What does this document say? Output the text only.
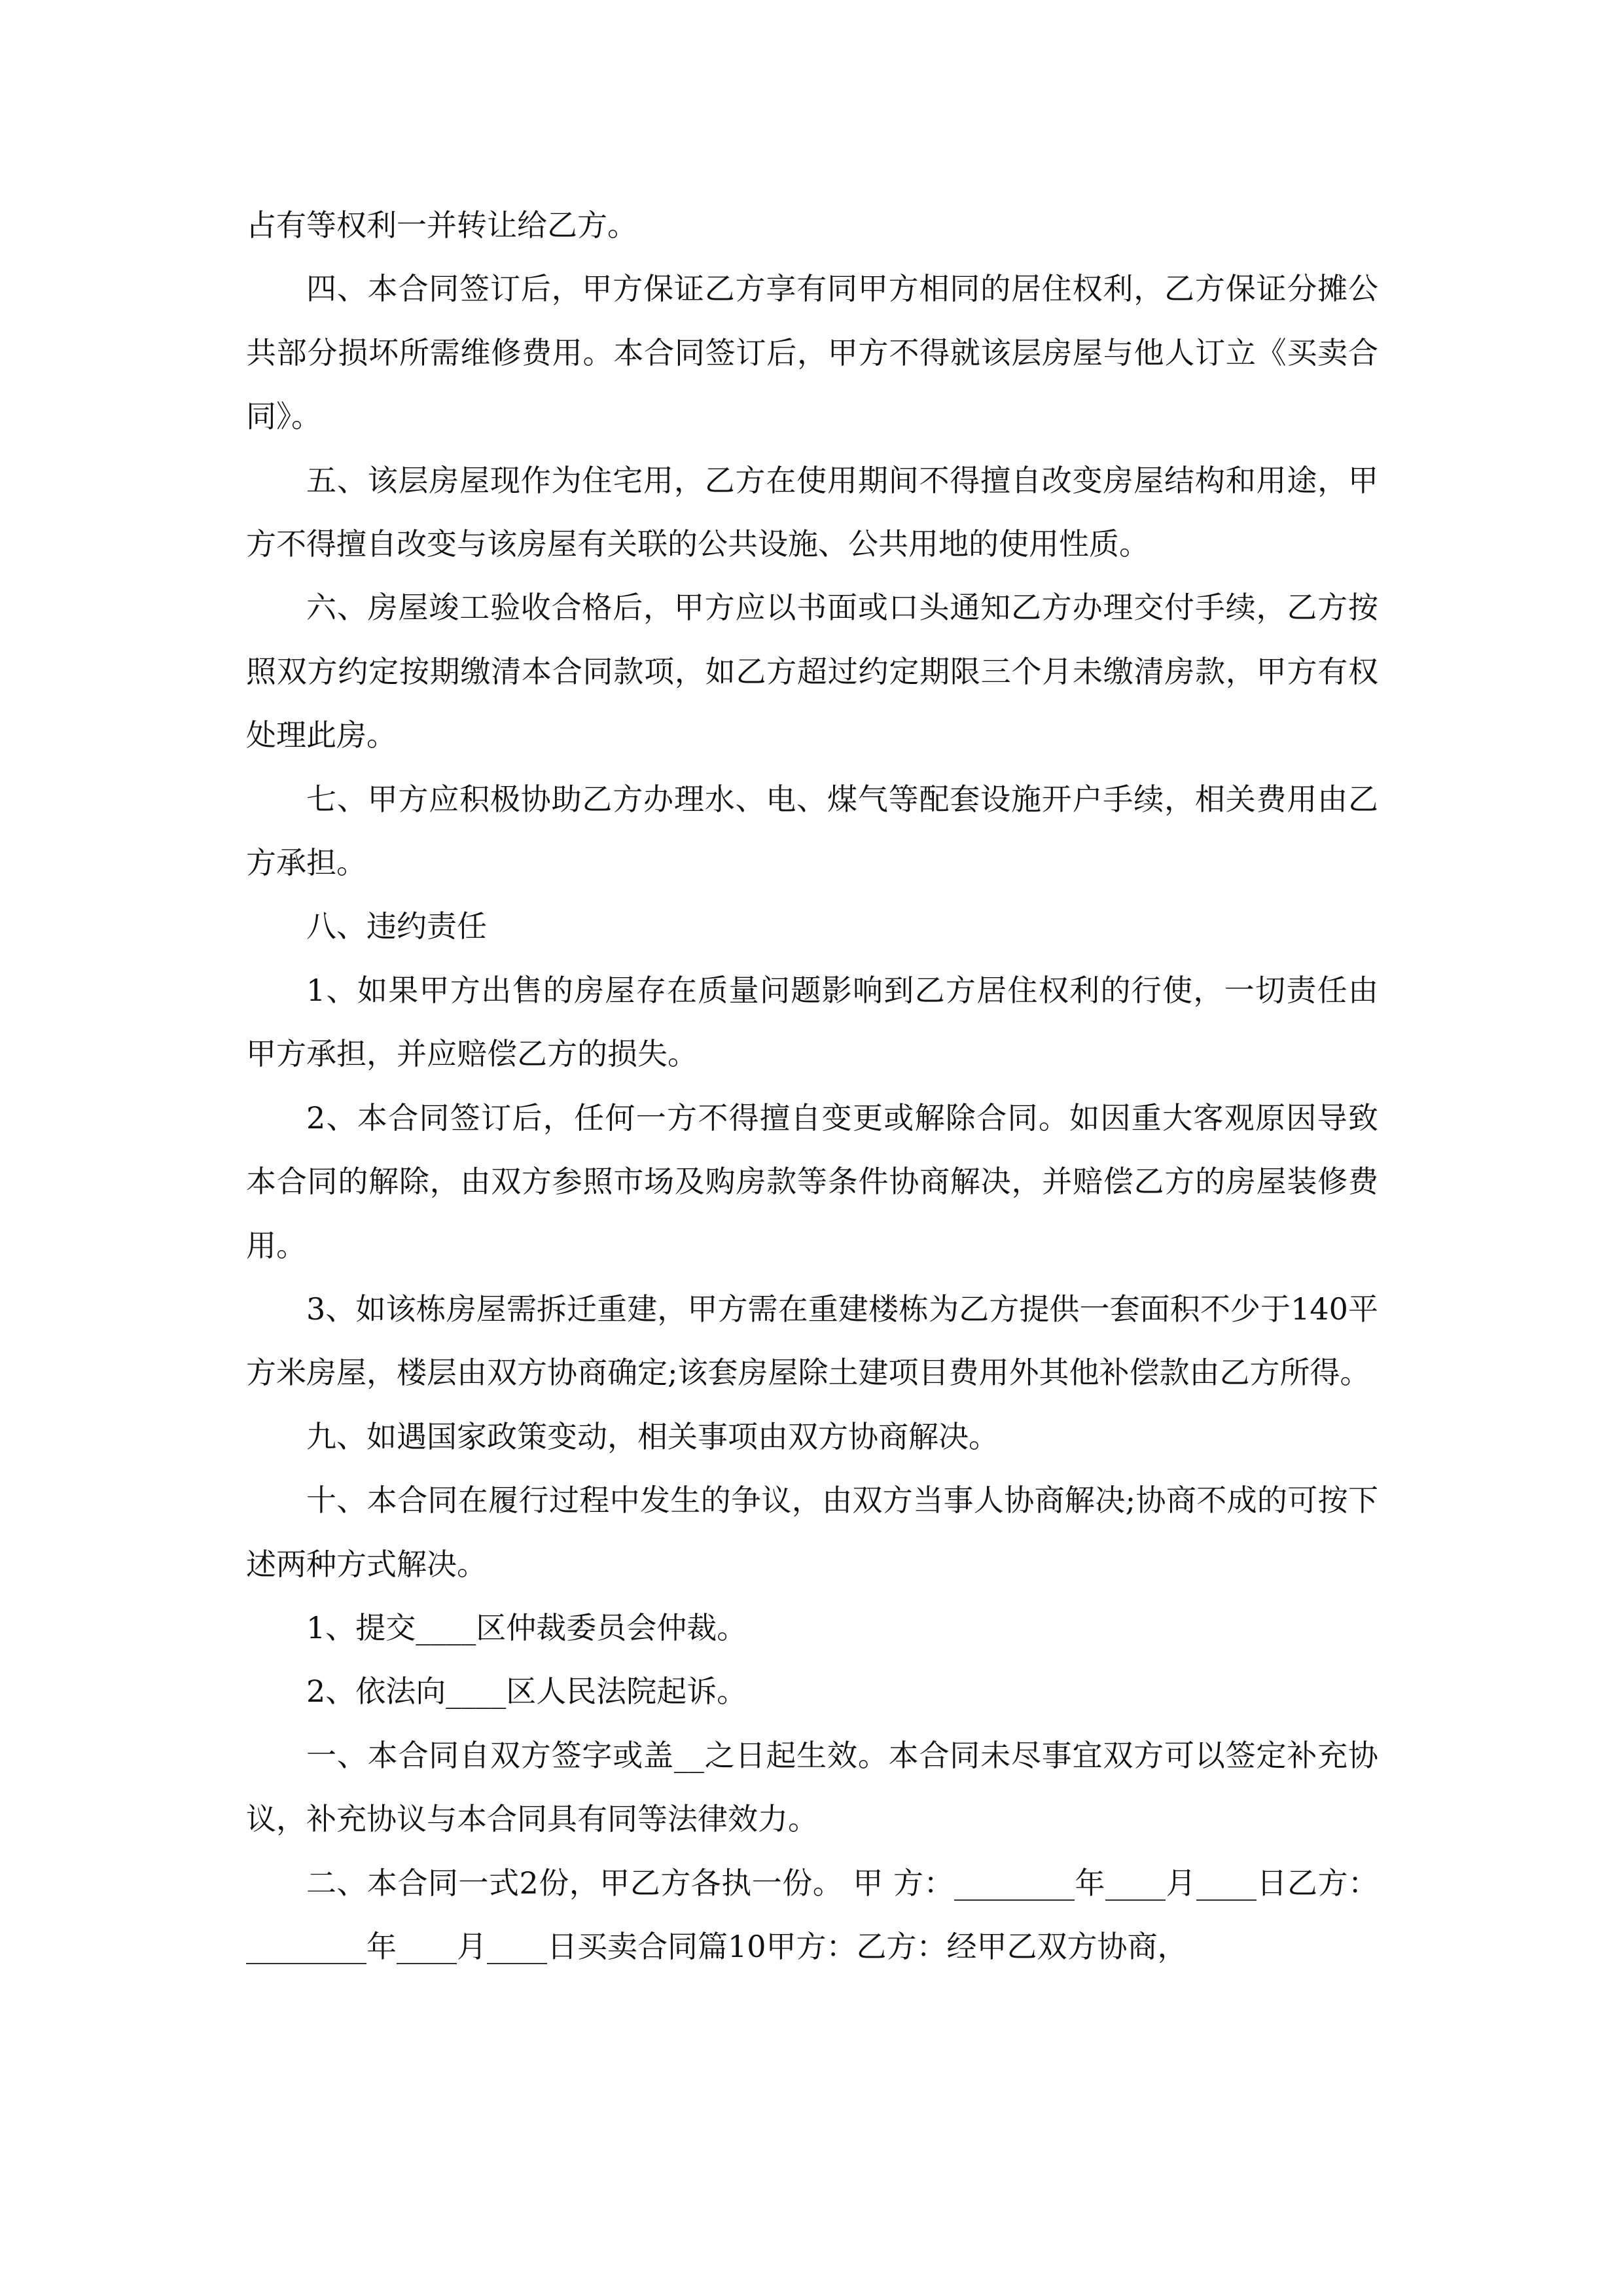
占有等权利一并转让给乙方。

四、本合同签订后，甲方保证乙方享有同甲方相同的居住权利，乙方保证分摊公共部分损坏所需维修费用。本合同签订后，甲方不得就该层房屋与他人订立《买卖合同》。

五、该层房屋现作为住宅用，乙方在使用期间不得擅自改变房屋结构和用途，甲方不得擅自改变与该房屋有关联的公共设施、公共用地的使用性质。

六、房屋竣工验收合格后，甲方应以书面或口头通知乙方办理交付手续，乙方按照双方约定按期缴清本合同款项，如乙方超过约定期限三个月未缴清房款，甲方有权处理此房。

七、甲方应积极协助乙方办理水、电、煤气等配套设施开户手续，相关费用由乙方承担。

八、违约责任

1、如果甲方出售的房屋存在质量问题影响到乙方居住权利的行使，一切责任由甲方承担，并应赔偿乙方的损失。

2、本合同签订后，任何一方不得擅自变更或解除合同。如因重大客观原因导致本合同的解除，由双方参照市场及购房款等条件协商解决，并赔偿乙方的房屋装修费用。

3、如该栋房屋需拆迁重建，甲方需在重建楼栋为乙方提供一套面积不少于140平方米房屋，楼层由双方协商确定;该套房屋除土建项目费用外其他补偿款由乙方所得。

九、如遇国家政策变动，相关事项由双方协商解决。

十、本合同在履行过程中发生的争议，由双方当事人协商解决;协商不成的可按下述两种方式解决。

1、提交____区仲裁委员会仲裁。

2、依法向____区人民法院起诉。

一、本合同自双方签字或盖__之日起生效。本合同未尽事宜双方可以签定补充协议，补充协议与本合同具有同等法律效力。

二、本合同一式2份，甲乙方各执一份。 甲 方：________年____月____日乙方：________年____月____日买卖合同篇10甲方：乙方：经甲乙双方协商，
